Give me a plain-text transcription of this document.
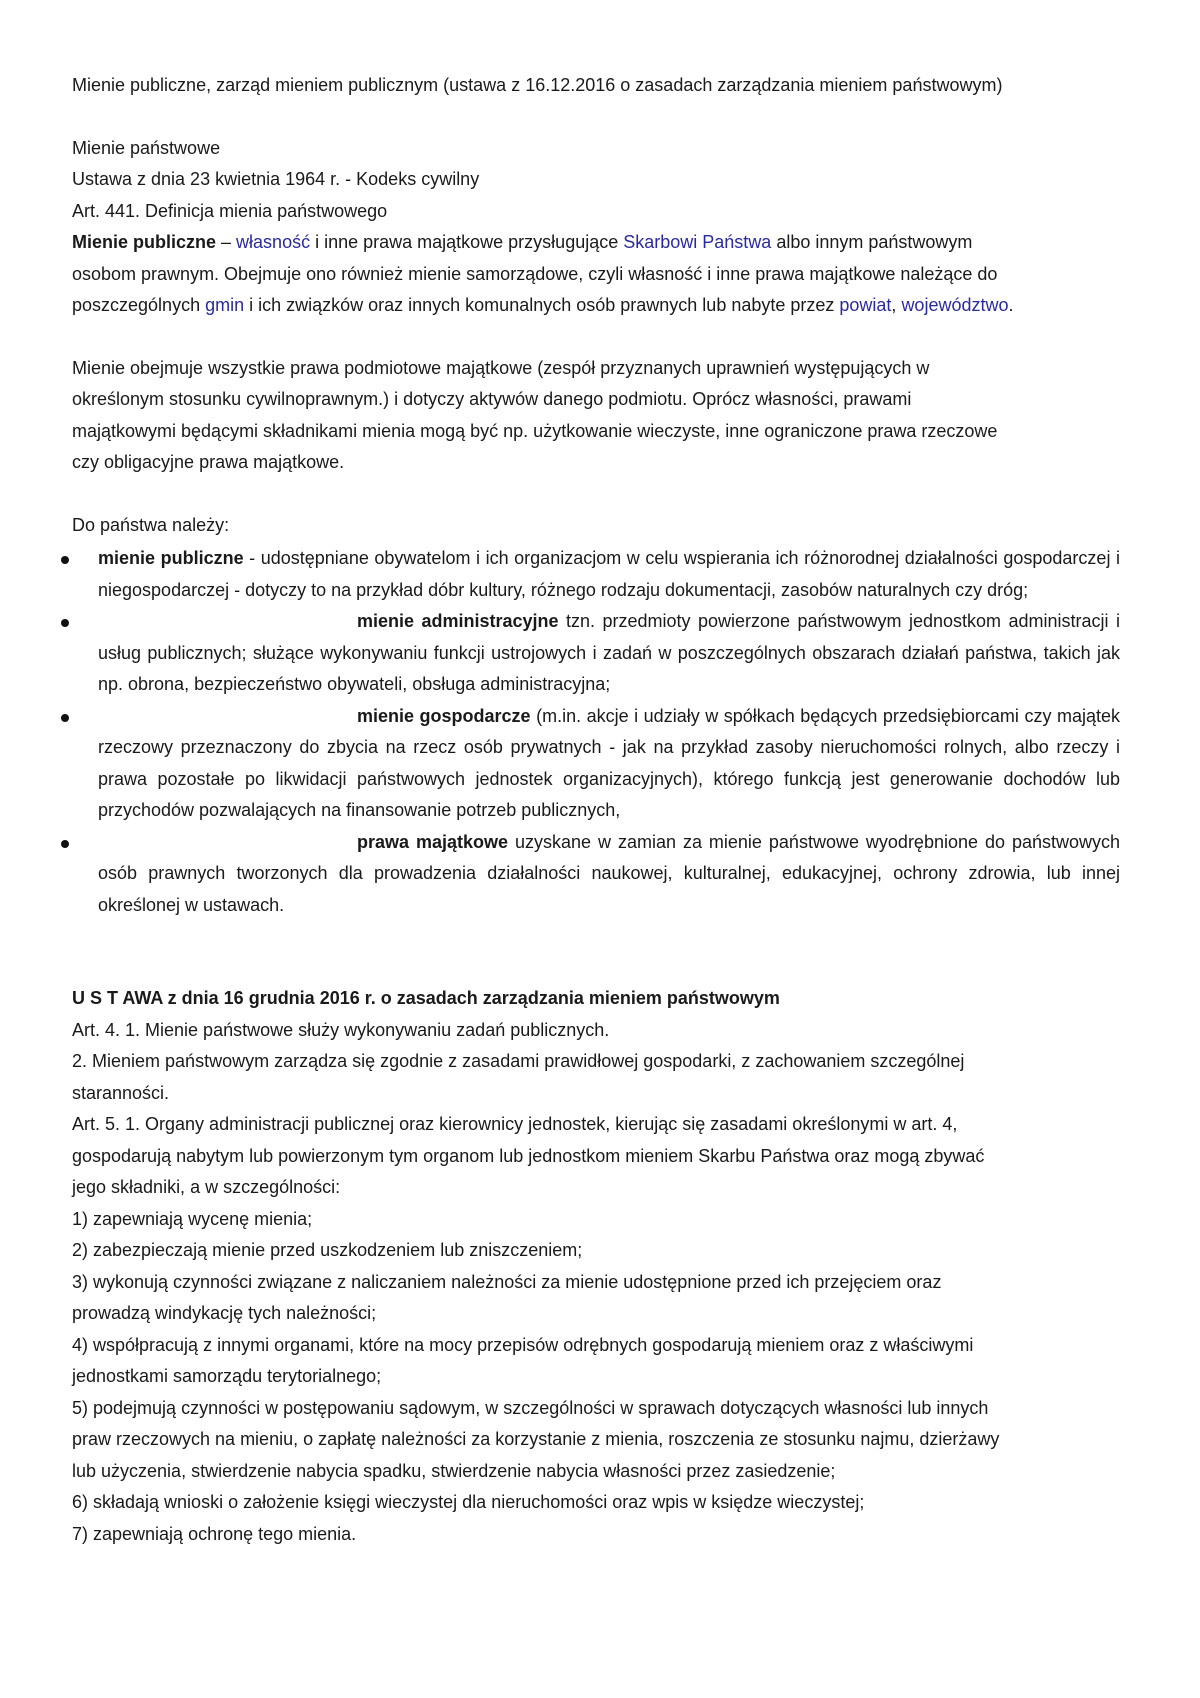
Mienie publiczne, zarząd mieniem publicznym (ustawa z 16.12.2016 o zasadach zarządzania mieniem państwowym)
Mienie państwowe
Ustawa z dnia 23 kwietnia 1964 r. - Kodeks cywilny
Art. 441. Definicja mienia państwowego
Mienie publiczne – własność i inne prawa majątkowe przysługujące Skarbowi Państwa albo innym państwowym
osobom prawnym. Obejmuje ono również mienie samorządowe, czyli własność i inne prawa majątkowe należące do
poszczególnych gmin i ich związków oraz innych komunalnych osób prawnych lub nabyte przez powiat, województwo.
Mienie obejmuje wszystkie prawa podmiotowe majątkowe (zespół przyznanych uprawnień występujących w
określonym stosunku cywilnoprawnym.) i dotyczy aktywów danego podmiotu. Oprócz własności, prawami
majątkowymi będącymi składnikami mienia mogą być np. użytkowanie wieczyste, inne ograniczone prawa rzeczowe
czy obligacyjne prawa majątkowe.
Do państwa należy:

mienie publiczne - udostępniane obywatelom i ich organizacjom w celu wspierania ich różnorodnej działalności gospodarczej i niegospodarczej - dotyczy to na przykład dóbr kultury, różnego rodzaju dokumentacji, zasobów naturalnych czy dróg;

mienie administracyjne tzn. przedmioty powierzone państwowym jednostkom administracji i usług publicznych; służące wykonywaniu funkcji ustrojowych i zadań w poszczególnych obszarach działań państwa, takich jak np. obrona, bezpieczeństwo obywateli, obsługa administracyjna;

mienie gospodarcze (m.in. akcje i udziały w spółkach będących przedsiębiorcami czy majątek rzeczowy przeznaczony do zbycia na rzecz osób prywatnych - jak na przykład zasoby nieruchomości rolnych, albo rzeczy i prawa pozostałe po likwidacji państwowych jednostek organizacyjnych), którego funkcją jest generowanie dochodów lub przychodów pozwalających na finansowanie potrzeb publicznych,

prawa majątkowe uzyskane w zamian za mienie państwowe wyodrębnione do państwowych osób prawnych tworzonych dla prowadzenia działalności naukowej, kulturalnej, edukacyjnej, ochrony zdrowia, lub innej określonej w ustawach.

U S T AWA z dnia 16 grudnia 2016 r. o zasadach zarządzania mieniem państwowym
Art. 4. 1. Mienie państwowe służy wykonywaniu zadań publicznych.
2. Mieniem państwowym zarządza się zgodnie z zasadami prawidłowej gospodarki, z zachowaniem szczególnej
staranności.
Art. 5. 1. Organy administracji publicznej oraz kierownicy jednostek, kierując się zasadami określonymi w art. 4,
gospodarują nabytym lub powierzonym tym organom lub jednostkom mieniem Skarbu Państwa oraz mogą zbywać
jego składniki, a w szczególności:
1) zapewniają wycenę mienia;
2) zabezpieczają mienie przed uszkodzeniem lub zniszczeniem;
3) wykonują czynności związane z naliczaniem należności za mienie udostępnione przed ich przejęciem oraz
prowadzą windykację tych należności;
4) współpracują z innymi organami, które na mocy przepisów odrębnych gospodarują mieniem oraz z właściwymi
jednostkami samorządu terytorialnego;
5) podejmują czynności w postępowaniu sądowym, w szczególności w sprawach dotyczących własności lub innych
praw rzeczowych na mieniu, o zapłatę należności za korzystanie z mienia, roszczenia ze stosunku najmu, dzierżawy
lub użyczenia, stwierdzenie nabycia spadku, stwierdzenie nabycia własności przez zasiedzenie;
6) składają wnioski o założenie księgi wieczystej dla nieruchomości oraz wpis w księdze wieczystej;
7) zapewniają ochronę tego mienia.
